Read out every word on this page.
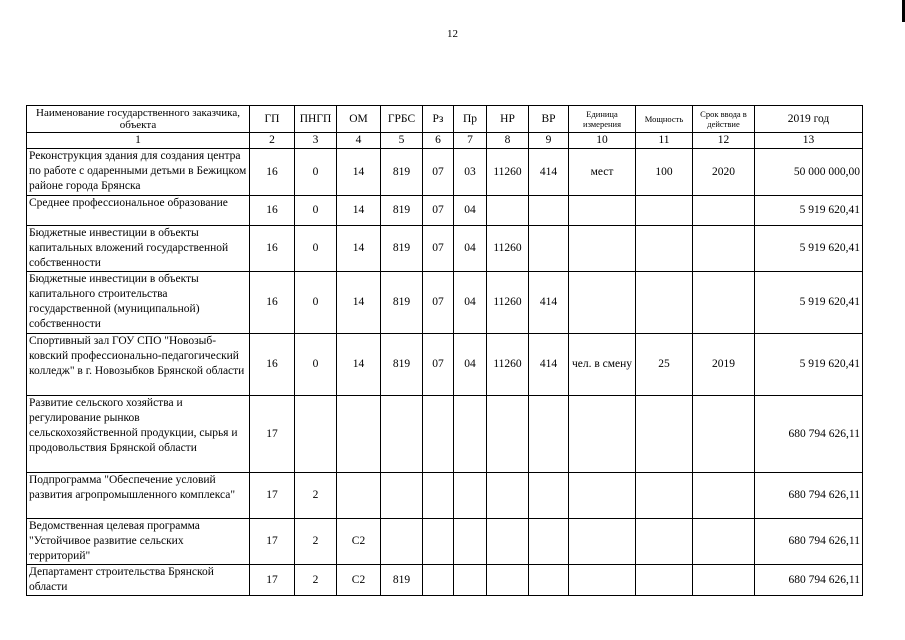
12
Наименование государственного заказчика, объекта	ГП	ПНГП	ОМ	ГРБС	Рз	Пр	НР	ВР	Единица измерения	Мощность	Срок ввода в действие	2019 год
1	2	3	4	5	6	7	8	9	10	11	12	13
Реконструкция здания для создания центра по работе с одаренными детьми в Бежицком районе города Брянска	16	0	14	819	07	03	11260	414	мест	100	2020	50 000 000,00
Среднее профессиональное образование	16	0	14	819	07	04						5 919 620,41
Бюджетные инвестиции в объекты капитальных вложений государственной собственности	16	0	14	819	07	04	11260					5 919 620,41
Бюджетные инвестиции в объекты капитального строительства государственной (муниципальной) собственности	16	0	14	819	07	04	11260	414				5 919 620,41
Спортивный зал ГОУ СПО "Новозыб-ковский профессионально-педагогический колледж" в г. Новозыбков Брянской области	16	0	14	819	07	04	11260	414	чел. в смену	25	2019	5 919 620,41
Развитие сельского хозяйства и регулирование рынков сельскохозяйственной продукции, сырья и продовольствия Брянской области	17											680 794 626,11
Подпрограмма "Обеспечение условий развития агропромышленного комплекса"	17	2										680 794 626,11
Ведомственная целевая программа "Устойчивое развитие сельских территорий"	17	2	С2									680 794 626,11
Департамент строительства Брянской области	17	2	С2	819								680 794 626,11
